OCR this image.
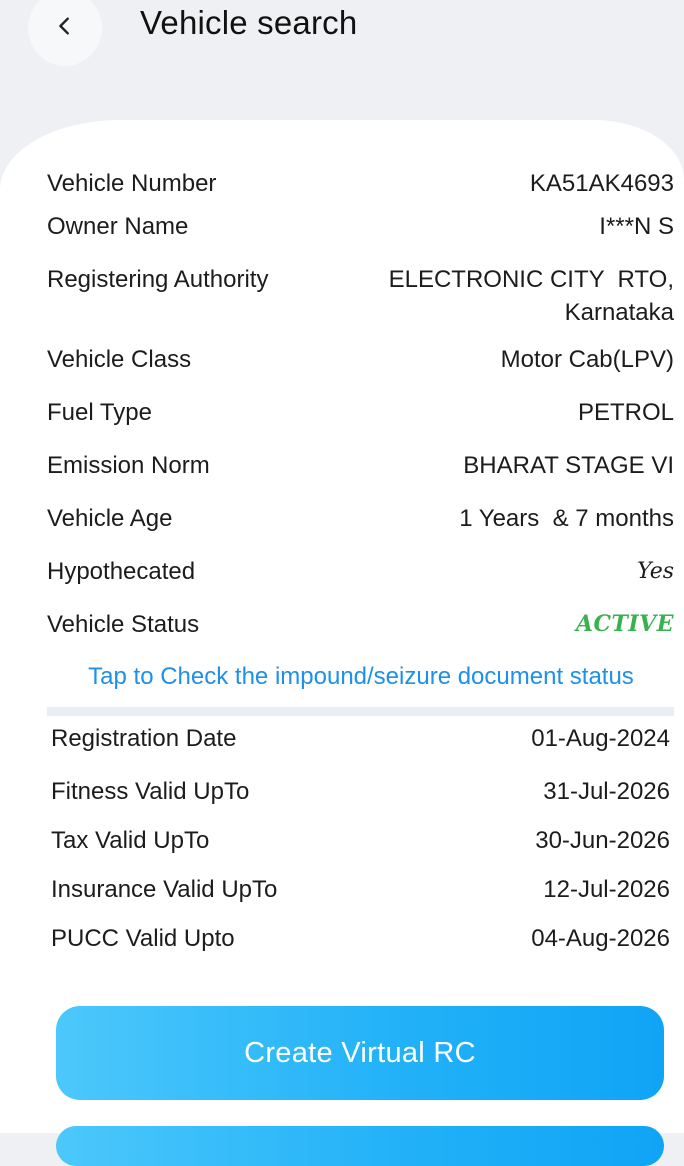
Vehicle search
Vehicle Number	KA51AK4693
Owner Name	I***N S
Registering Authority	ELECTRONIC CITY  RTO,
Karnataka
Vehicle Class	Motor Cab(LPV)
Fuel Type	PETROL
Emission Norm	BHARAT STAGE VI
Vehicle Age	1 Years  & 7 months
Hypothecated	Yes
Vehicle Status	ACTIVE
Tap to Check the impound/seizure document status
Registration Date	01-Aug-2024
Fitness Valid UpTo	31-Jul-2026
Tax Valid UpTo	30-Jun-2026
Insurance Valid UpTo	12-Jul-2026
PUCC Valid Upto	04-Aug-2026
Create Virtual RC
